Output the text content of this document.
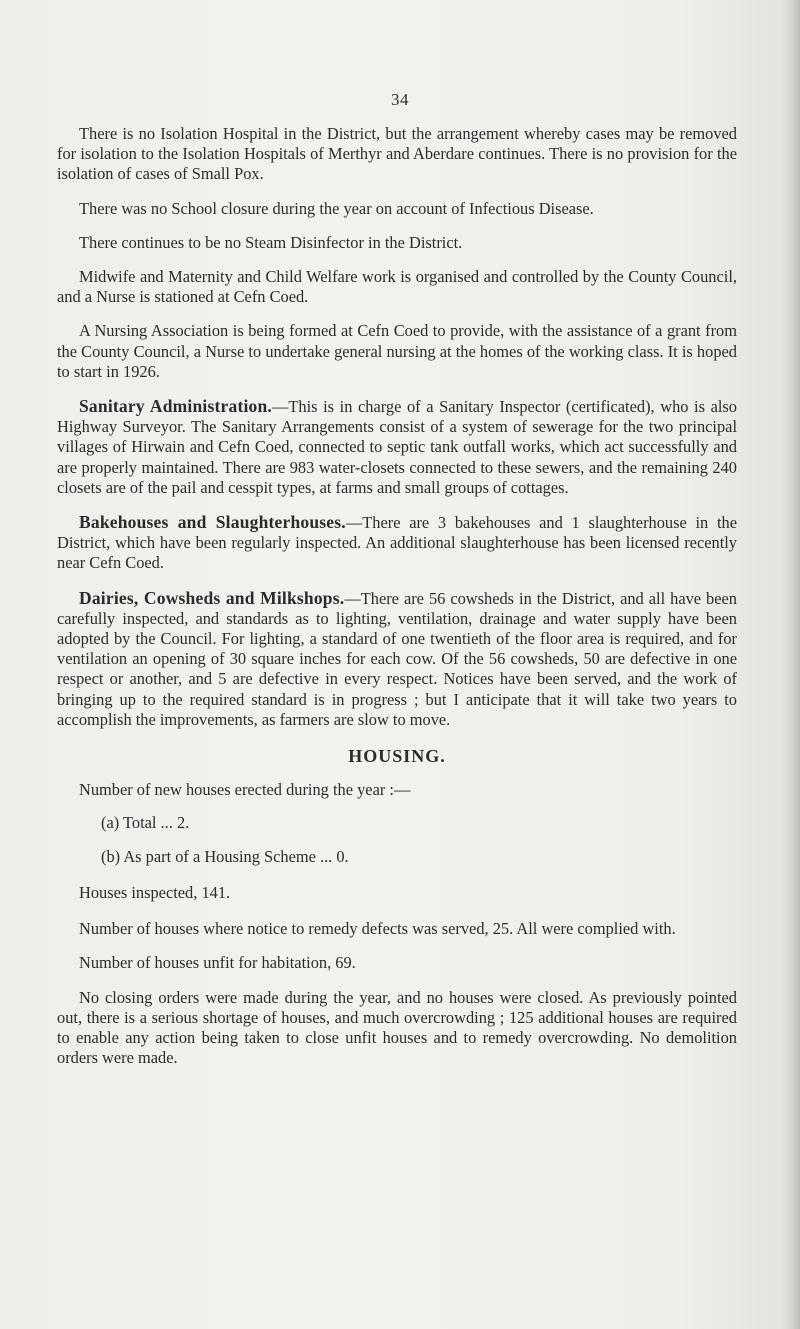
34

There is no Isolation Hospital in the District, but the arrangement whereby cases may be removed for isolation to the Isolation Hospitals of Merthyr and Aberdare continues. There is no provision for the isolation of cases of Small Pox.

There was no School closure during the year on account of Infectious Disease.

There continues to be no Steam Disinfector in the District.

Midwife and Maternity and Child Welfare work is organised and controlled by the County Council, and a Nurse is stationed at Cefn Coed.

A Nursing Association is being formed at Cefn Coed to provide, with the assistance of a grant from the County Council, a Nurse to undertake general nursing at the homes of the working class. It is hoped to start in 1926.

Sanitary Administration.—This is in charge of a Sanitary Inspector (certificated), who is also Highway Surveyor. The Sanitary Arrangements consist of a system of sewerage for the two principal villages of Hirwain and Cefn Coed, connected to septic tank outfall works, which act successfully and are properly maintained. There are 983 water-closets connected to these sewers, and the remaining 240 closets are of the pail and cesspit types, at farms and small groups of cottages.

Bakehouses and Slaughterhouses.—There are 3 bakehouses and 1 slaughterhouse in the District, which have been regularly inspected. An additional slaughterhouse has been licensed recently near Cefn Coed.

Dairies, Cowsheds and Milkshops.—There are 56 cowsheds in the District, and all have been carefully inspected, and standards as to lighting, ventilation, drainage and water supply have been adopted by the Council. For lighting, a standard of one twentieth of the floor area is required, and for ventilation an opening of 30 square inches for each cow. Of the 56 cowsheds, 50 are defective in one respect or another, and 5 are defective in every respect. Notices have been served, and the work of bringing up to the required standard is in progress ; but I anticipate that it will take two years to accomplish the improvements, as farmers are slow to move.

HOUSING.

Number of new houses erected during the year :—

(a) Total ... 2.

(b) As part of a Housing Scheme ... 0.

Houses inspected, 141.

Number of houses where notice to remedy defects was served, 25. All were complied with.

Number of houses unfit for habitation, 69.

No closing orders were made during the year, and no houses were closed. As previously pointed out, there is a serious shortage of houses, and much overcrowding ; 125 additional houses are required to enable any action being taken to close unfit houses and to remedy overcrowding. No demolition orders were made.
